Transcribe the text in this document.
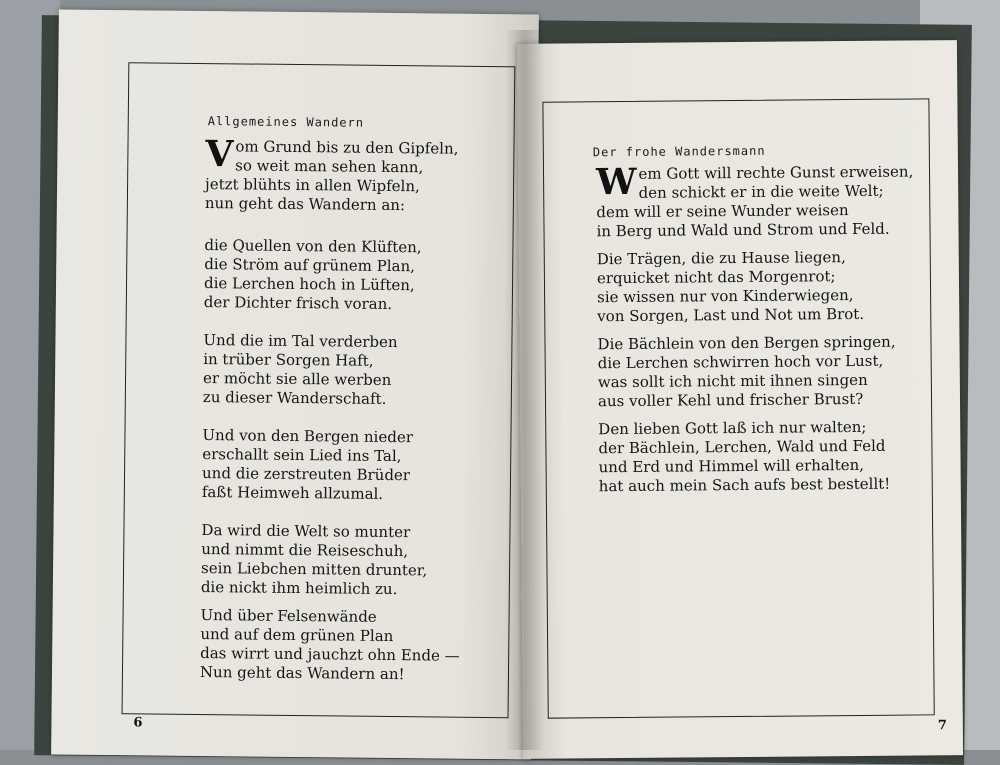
Allgemeines Wandern
V om Grund bis zu den Gipfeln,
so weit man sehen kann,
jetzt blühts in allen Wipfeln,
nun geht das Wandern an:
die Quellen von den Klüften,
die Ström auf grünem Plan,
die Lerchen hoch in Lüften,
der Dichter frisch voran.
Und die im Tal verderben
in trüber Sorgen Haft,
er möcht sie alle werben
zu dieser Wanderschaft.
Und von den Bergen nieder
erschallt sein Lied ins Tal,
und die zerstreuten Brüder
faßt Heimweh allzumal.
Da wird die Welt so munter
und nimmt die Reiseschuh,
sein Liebchen mitten drunter,
die nickt ihm heimlich zu.
Und über Felsenwände
und auf dem grünen Plan
das wirrt und jauchzt ohn Ende —
Nun geht das Wandern an!
6
Der frohe Wandersmann
W em Gott will rechte Gunst erweisen,
den schickt er in die weite Welt;
dem will er seine Wunder weisen
in Berg und Wald und Strom und Feld.
Die Trägen, die zu Hause liegen,
erquicket nicht das Morgenrot;
sie wissen nur von Kinderwiegen,
von Sorgen, Last und Not um Brot.
Die Bächlein von den Bergen springen,
die Lerchen schwirren hoch vor Lust,
was sollt ich nicht mit ihnen singen
aus voller Kehl und frischer Brust?
Den lieben Gott laß ich nur walten;
der Bächlein, Lerchen, Wald und Feld
und Erd und Himmel will erhalten,
hat auch mein Sach aufs best bestellt!
7
